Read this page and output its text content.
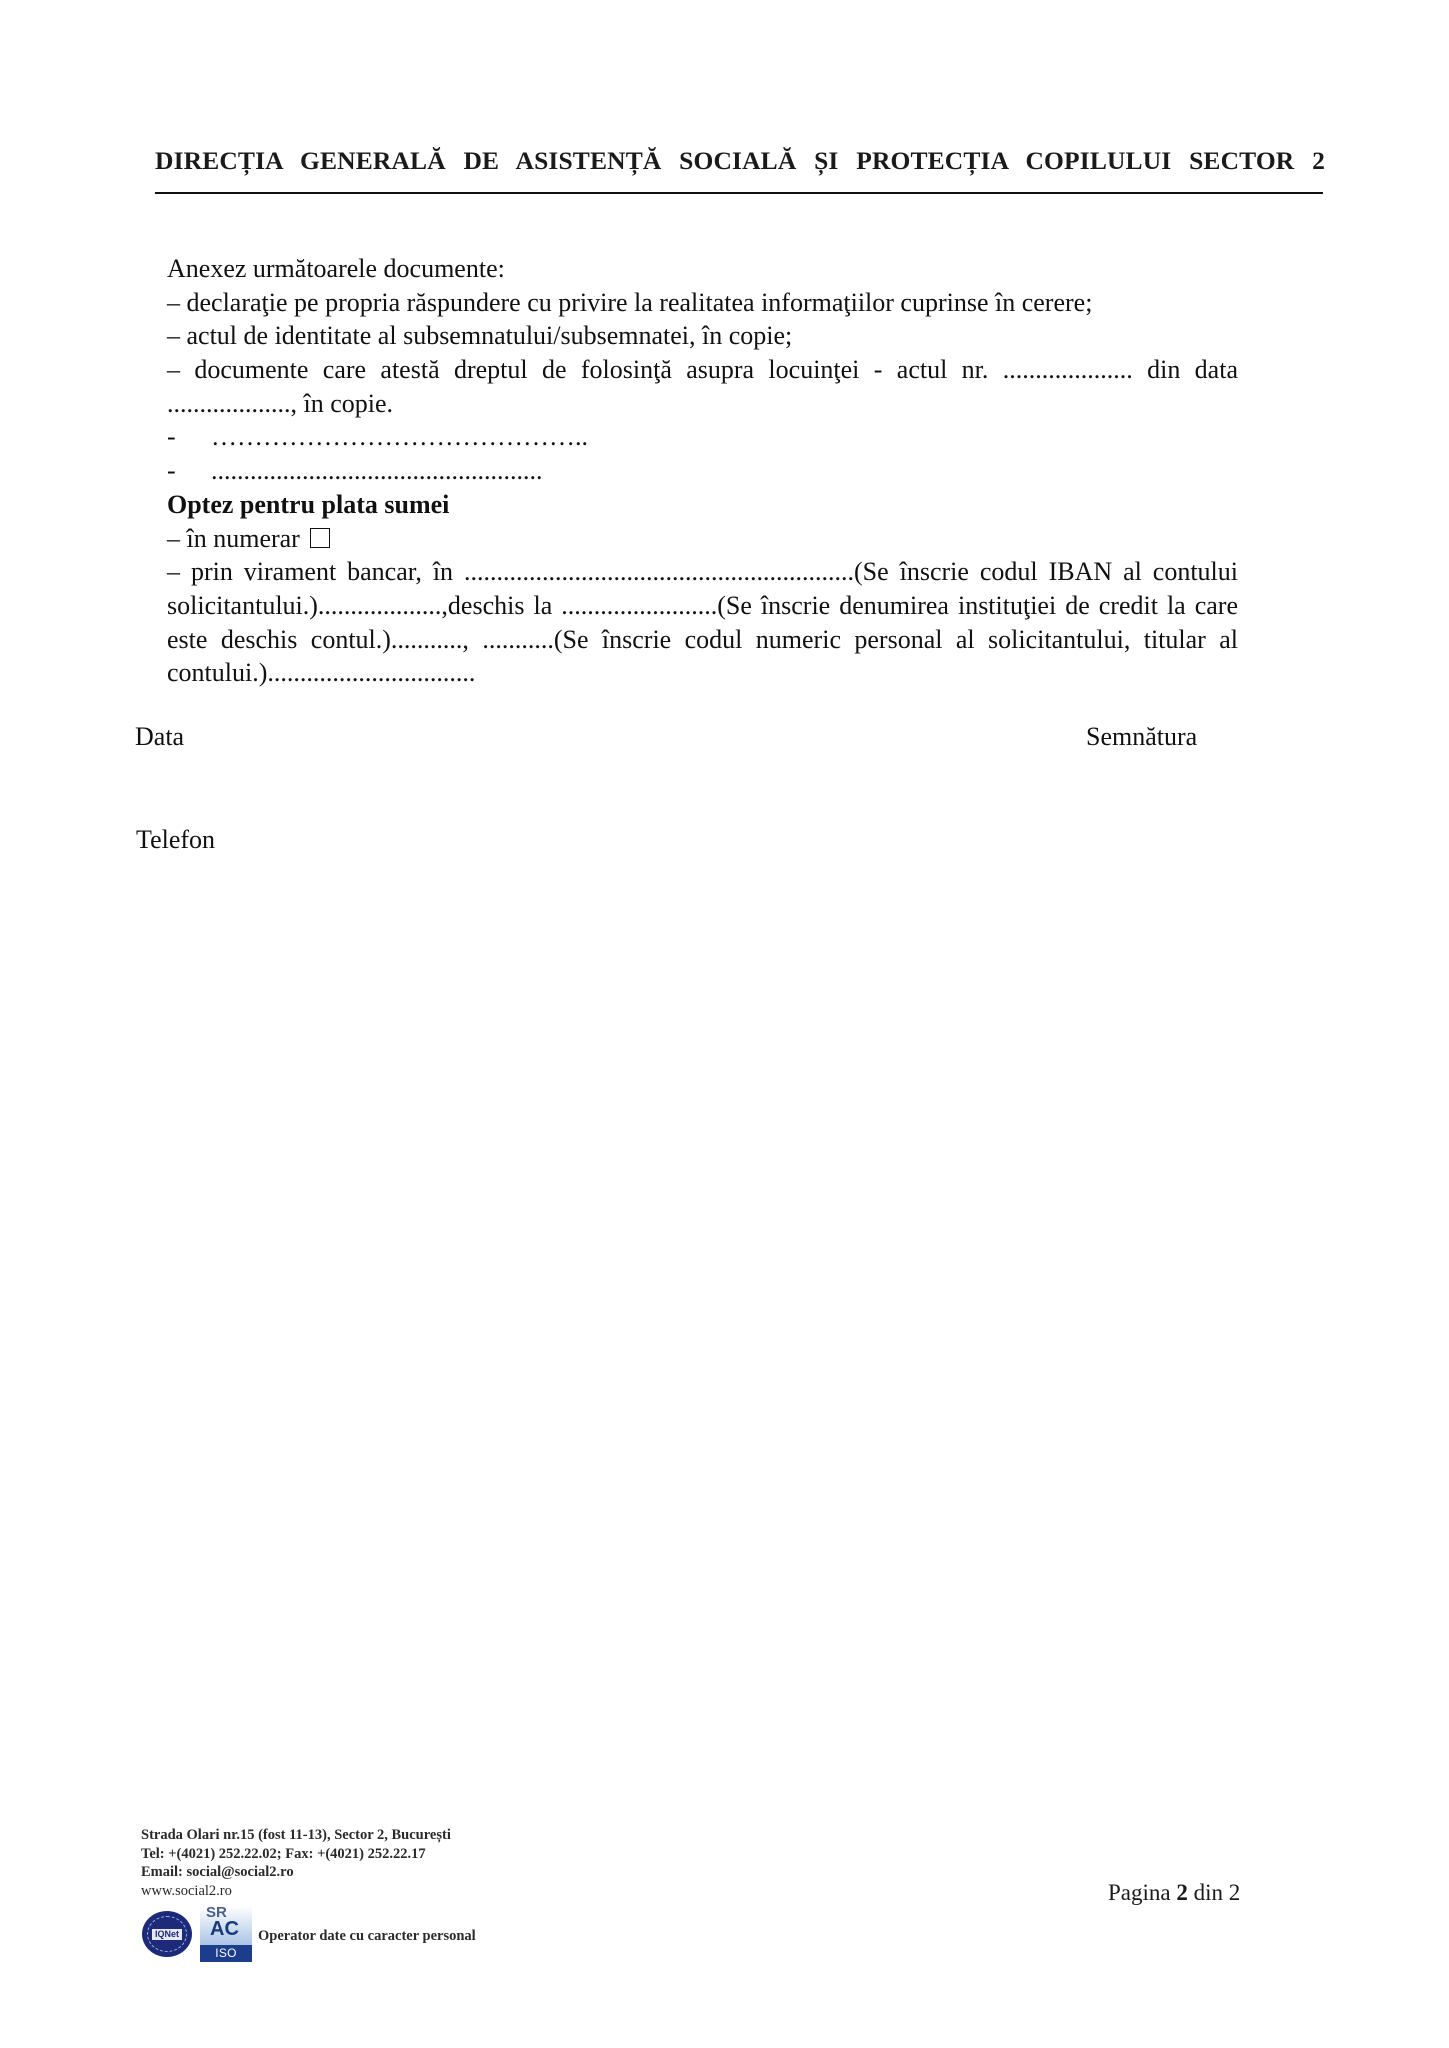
DIRECȚIA GENERALĂ DE ASISTENȚĂ SOCIALĂ ȘI PROTECȚIA COPILULUI SECTOR 2
Anexez următoarele documente:
– declaraţie pe propria răspundere cu privire la realitatea informaţiilor cuprinse în cerere;
– actul de identitate al subsemnatului/subsemnatei, în copie;
– documente care atestă dreptul de folosinţă asupra locuinţei - actul nr. .................... din data
..................., în copie.
-	……………………………………..
-	...................................................
Optez pentru plata sumei
– în numerar
– prin virament bancar, în ............................................................(Se înscrie codul IBAN al contului
solicitantului.)...................,deschis la ........................(Se înscrie denumirea instituţiei de credit la care
este deschis contul.)..........., ...........(Se înscrie codul numeric personal al solicitantului, titular al
contului.)................................
Data	Semnătura
Telefon
Strada Olari nr.15 (fost 11-13), Sector 2, București
Tel: +(4021) 252.22.02; Fax: +(4021) 252.22.17
Email: social@social2.ro
www.social2.ro
IQNet
SR
AC
ISO 9001
Operator date cu caracter personal
Pagina 2 din 2
